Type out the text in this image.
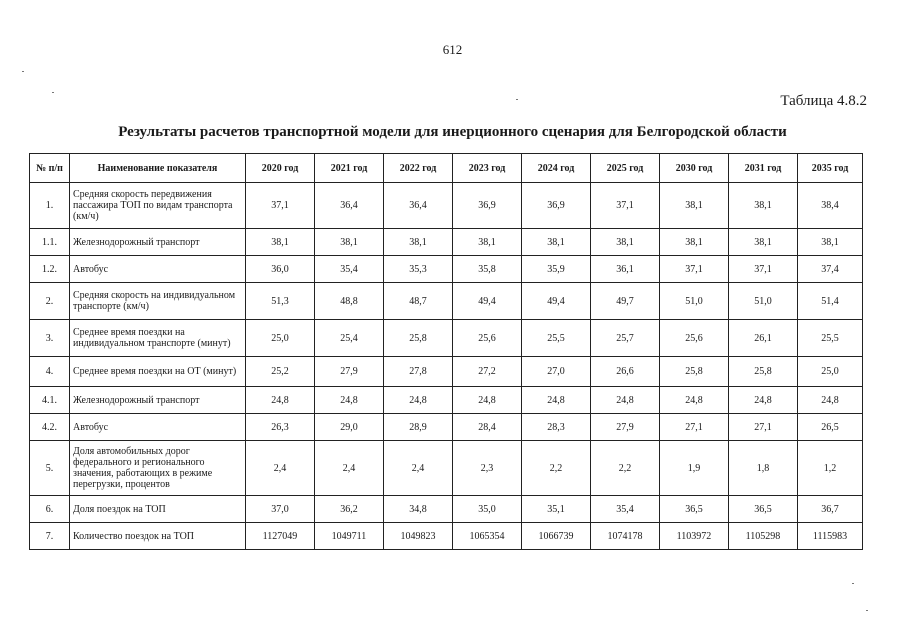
612
Таблица 4.8.2
Результаты расчетов транспортной модели для инерционного сценария для Белгородской области
№ п/п	Наименование показателя	2020 год	2021 год	2022 год	2023 год	2024 год	2025 год	2030 год	2031 год	2035 год
1.	Средняя скорость передвижения пассажира ТОП по видам транспорта (км/ч)	37,1	36,4	36,4	36,9	36,9	37,1	38,1	38,1	38,4
1.1.	Железнодорожный транспорт	38,1	38,1	38,1	38,1	38,1	38,1	38,1	38,1	38,1
1.2.	Автобус	36,0	35,4	35,3	35,8	35,9	36,1	37,1	37,1	37,4
2.	Средняя скорость на индивидуальном транспорте (км/ч)	51,3	48,8	48,7	49,4	49,4	49,7	51,0	51,0	51,4
3.	Среднее время поездки на индивидуальном транспорте (минут)	25,0	25,4	25,8	25,6	25,5	25,7	25,6	26,1	25,5
4.	Среднее время поездки на ОТ (минут)	25,2	27,9	27,8	27,2	27,0	26,6	25,8	25,8	25,0
4.1.	Железнодорожный транспорт	24,8	24,8	24,8	24,8	24,8	24,8	24,8	24,8	24,8
4.2.	Автобус	26,3	29,0	28,9	28,4	28,3	27,9	27,1	27,1	26,5
5.	Доля автомобильных дорог федерального и регионального значения, работающих в режиме перегрузки, процентов	2,4	2,4	2,4	2,3	2,2	2,2	1,9	1,8	1,2
6.	Доля поездок на ТОП	37,0	36,2	34,8	35,0	35,1	35,4	36,5	36,5	36,7
7.	Количество поездок на ТОП	1127049	1049711	1049823	1065354	1066739	1074178	1103972	1105298	1115983
